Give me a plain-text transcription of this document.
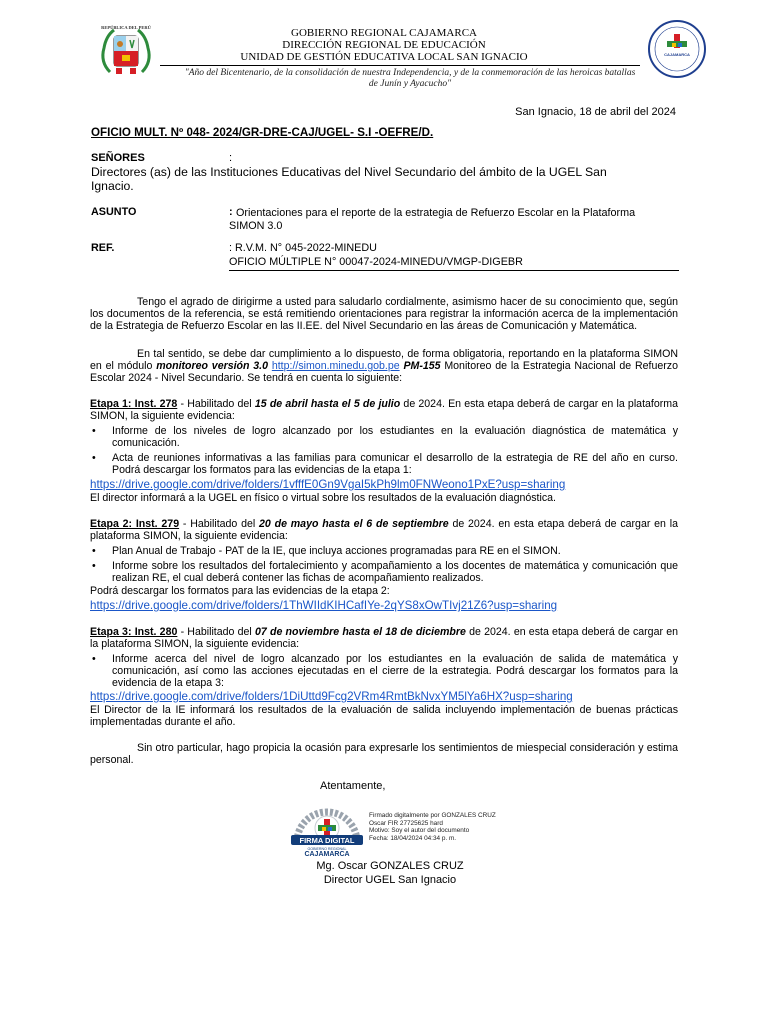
REPÚBLICA DEL PERÚ
CAJAMARCA
GOBIERNO REGIONAL CAJAMARCA
DIRECCIÓN REGIONAL DE EDUCACIÓN
UNIDAD DE GESTIÓN EDUCATIVA LOCAL SAN IGNACIO
"Año del Bicentenario, de la consolidación de nuestra Independencia, y de la conmemoración de las heroicas batallas
de Junín y Ayacucho"
San Ignacio, 18 de abril del 2024
OFICIO MULT. Nº 048- 2024/GR-DRE-CAJ/UGEL- S.I -OEFRE/D.
SEÑORES	:
Directores (as) de las Instituciones Educativas del Nivel Secundario del ámbito de la UGEL San Ignacio.
ASUNTO	: Orientaciones para el reporte de la estrategia de Refuerzo Escolar en la Plataforma
SIMON 3.0
REF.	: R.V.M. N° 045-2022-MINEDU
OFICIO MÚLTIPLE N° 00047-2024-MINEDU/VMGP-DIGEBR
Tengo el agrado de dirigirme a usted para saludarlo cordialmente, asimismo hacer de su conocimiento que, según los documentos de la referencia, se está remitiendo orientaciones para registrar la información acerca de la implementación de la Estrategia de Refuerzo Escolar en las II.EE. del Nivel Secundario en las áreas de Comunicación y Matemática.
En tal sentido, se debe dar cumplimiento a lo dispuesto, de forma obligatoria, reportando en la plataforma SIMON en el módulo monitoreo versión 3.0 http://simon.minedu.gob.pe PM-155 Monitoreo de la Estrategia Nacional de Refuerzo Escolar 2024 - Nivel Secundario. Se tendrá en cuenta lo siguiente:
Etapa 1: Inst. 278 - Habilitado del 15 de abril hasta el 5 de julio de 2024. En esta etapa deberá de cargar en la plataforma SIMON, la siguiente evidencia:
• Informe de los niveles de logro alcanzado por los estudiantes en la evaluación diagnóstica de matemática y comunicación.
• Acta de reuniones informativas a las familias para comunicar el desarrollo de la estrategia de RE del año en curso. Podrá descargar los formatos para las evidencias de la etapa 1:
https://drive.google.com/drive/folders/1vfffE0Gn9VgaI5kPh9lm0FNWeono1PxE?usp=sharing
El director informará a la UGEL en físico o virtual sobre los resultados de la evaluación diagnóstica.
Etapa 2: Inst. 279 - Habilitado del 20 de mayo hasta el 6 de septiembre de 2024. en esta etapa deberá de cargar en la plataforma SIMON, la siguiente evidencia:
• Plan Anual de Trabajo - PAT de la IE, que incluya acciones programadas para RE en el SIMON.
• Informe sobre los resultados del fortalecimiento y acompañamiento a los docentes de matemática y comunicación que realizan RE, el cual deberá contener las fichas de acompañamiento realizados.
Podrá descargar los formatos para las evidencias de la etapa 2:
https://drive.google.com/drive/folders/1ThWIIdKIHCafIYe-2qYS8xOwTIvj21Z6?usp=sharing
Etapa 3: Inst. 280 - Habilitado del 07 de noviembre hasta el 18 de diciembre de 2024. en esta etapa deberá de cargar en la plataforma SIMON, la siguiente evidencia:
• Informe acerca del nivel de logro alcanzado por los estudiantes en la evaluación de salida de matemática y comunicación, así como las acciones ejecutadas en el cierre de la estrategia. Podrá descargar los formatos para la evidencia de la etapa 3:
https://drive.google.com/drive/folders/1DiUttd9Fcg2VRm4RmtBkNvxYM5lYa6HX?usp=sharing
El Director de la IE informará los resultados de la evaluación de salida incluyendo implementación de buenas prácticas implementadas durante el año.
Sin otro particular, hago propicia la ocasión para expresarle los sentimientos de miespecial consideración y estima personal.
Atentamente,
FIRMA DIGITAL
GOBIERNO REGIONAL
CAJAMARCA
Firmado digitalmente por GONZALES CRUZ
Oscar FIR 27725625 hard
Motivo: Soy el autor del documento
Fecha: 18/04/2024 04:34 p. m.
Mg. Oscar GONZALES CRUZ
Director UGEL San Ignacio
